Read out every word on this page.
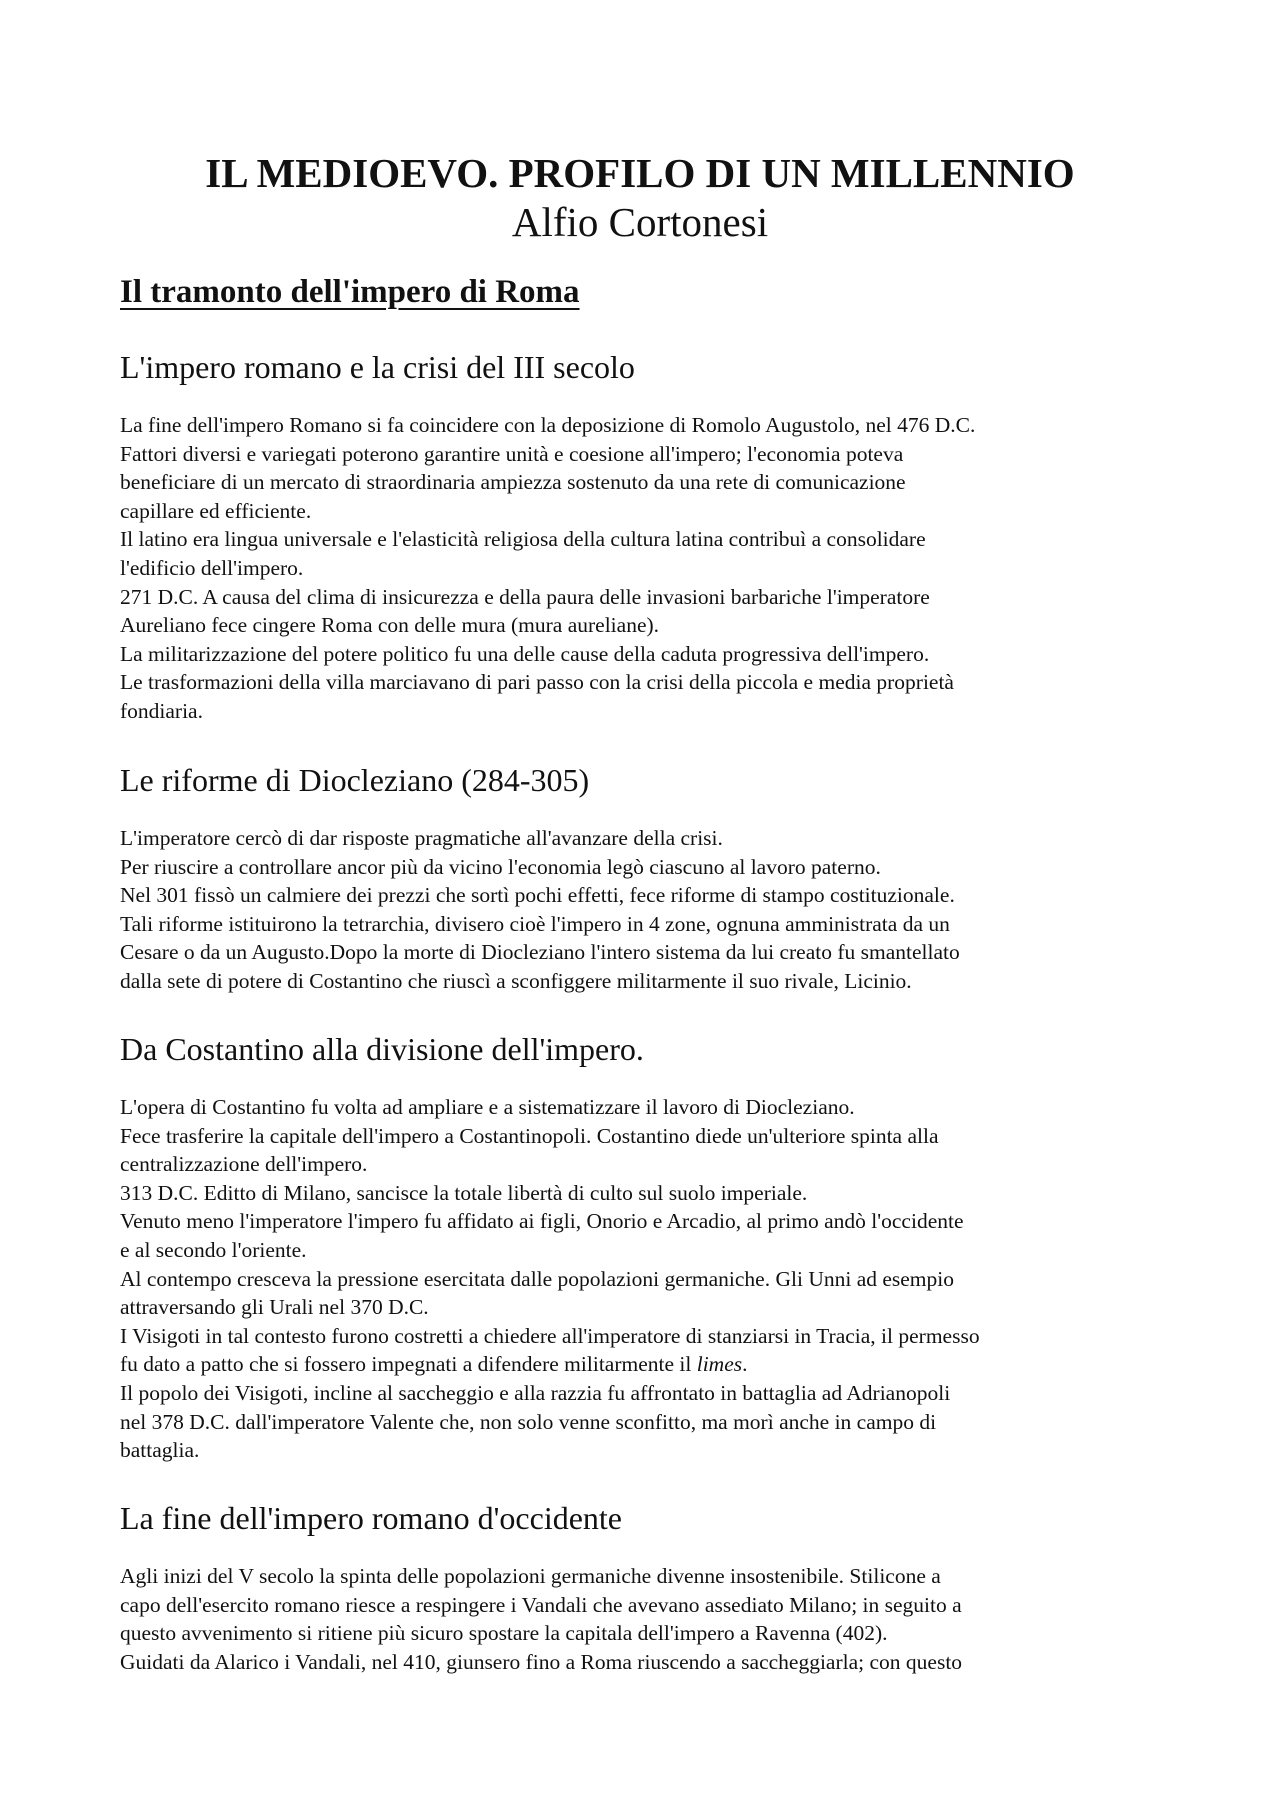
IL MEDIOEVO. PROFILO DI UN MILLENNIO
Alfio Cortonesi
Il tramonto dell'impero di Roma
L'impero romano e la crisi del III secolo
La fine dell'impero Romano si fa coincidere con la deposizione di Romolo Augustolo, nel 476 D.C.
Fattori diversi e variegati poterono garantire unità e coesione all'impero; l'economia poteva
beneficiare di un mercato di straordinaria ampiezza sostenuto da una rete di comunicazione
capillare ed efficiente.
Il latino era lingua universale e l'elasticità religiosa della cultura latina contribuì a consolidare
l'edificio dell'impero.
271 D.C. A causa del clima di insicurezza e della paura delle invasioni barbariche l'imperatore
Aureliano fece cingere Roma con delle mura (mura aureliane).
La militarizzazione del potere politico fu una delle cause della caduta progressiva dell'impero.
Le trasformazioni della villa marciavano di pari passo con la crisi della piccola e media proprietà
fondiaria.
Le riforme di Diocleziano (284-305)
L'imperatore cercò di dar risposte pragmatiche all'avanzare della crisi.
Per riuscire a controllare ancor più da vicino l'economia legò ciascuno al lavoro paterno.
Nel 301 fissò un calmiere dei prezzi che sortì pochi effetti, fece riforme di stampo costituzionale.
Tali riforme istituirono la tetrarchia, divisero cioè l'impero in 4 zone, ognuna amministrata da un
Cesare o da un Augusto.Dopo la morte di Diocleziano l'intero sistema da lui creato fu smantellato
dalla sete di potere di Costantino che riuscì a sconfiggere militarmente il suo rivale, Licinio.
Da Costantino alla divisione dell'impero.
L'opera di Costantino fu volta ad ampliare e a sistematizzare il lavoro di Diocleziano.
Fece trasferire la capitale dell'impero a Costantinopoli. Costantino diede un'ulteriore spinta alla
centralizzazione dell'impero.
313 D.C. Editto di Milano, sancisce la totale libertà di culto sul suolo imperiale.
Venuto meno l'imperatore l'impero fu affidato ai figli, Onorio e Arcadio, al primo andò l'occidente
e al secondo l'oriente.
Al contempo cresceva la pressione esercitata dalle popolazioni germaniche. Gli Unni ad esempio
attraversando gli Urali nel 370 D.C.
I Visigoti in tal contesto furono costretti a chiedere all'imperatore di stanziarsi in Tracia, il permesso
fu dato a patto che si fossero impegnati a difendere militarmente il limes.
Il popolo dei Visigoti, incline al saccheggio e alla razzia fu affrontato in battaglia ad Adrianopoli
nel 378 D.C. dall'imperatore Valente che, non solo venne sconfitto, ma morì anche in campo di
battaglia.
La fine dell'impero romano d'occidente
Agli inizi del V secolo la spinta delle popolazioni germaniche divenne insostenibile. Stilicone a
capo dell'esercito romano riesce a respingere i Vandali che avevano assediato Milano; in seguito a
questo avvenimento si ritiene più sicuro spostare la capitala dell'impero a Ravenna (402).
Guidati da Alarico i Vandali, nel 410, giunsero fino a Roma riuscendo a saccheggiarla; con questo
